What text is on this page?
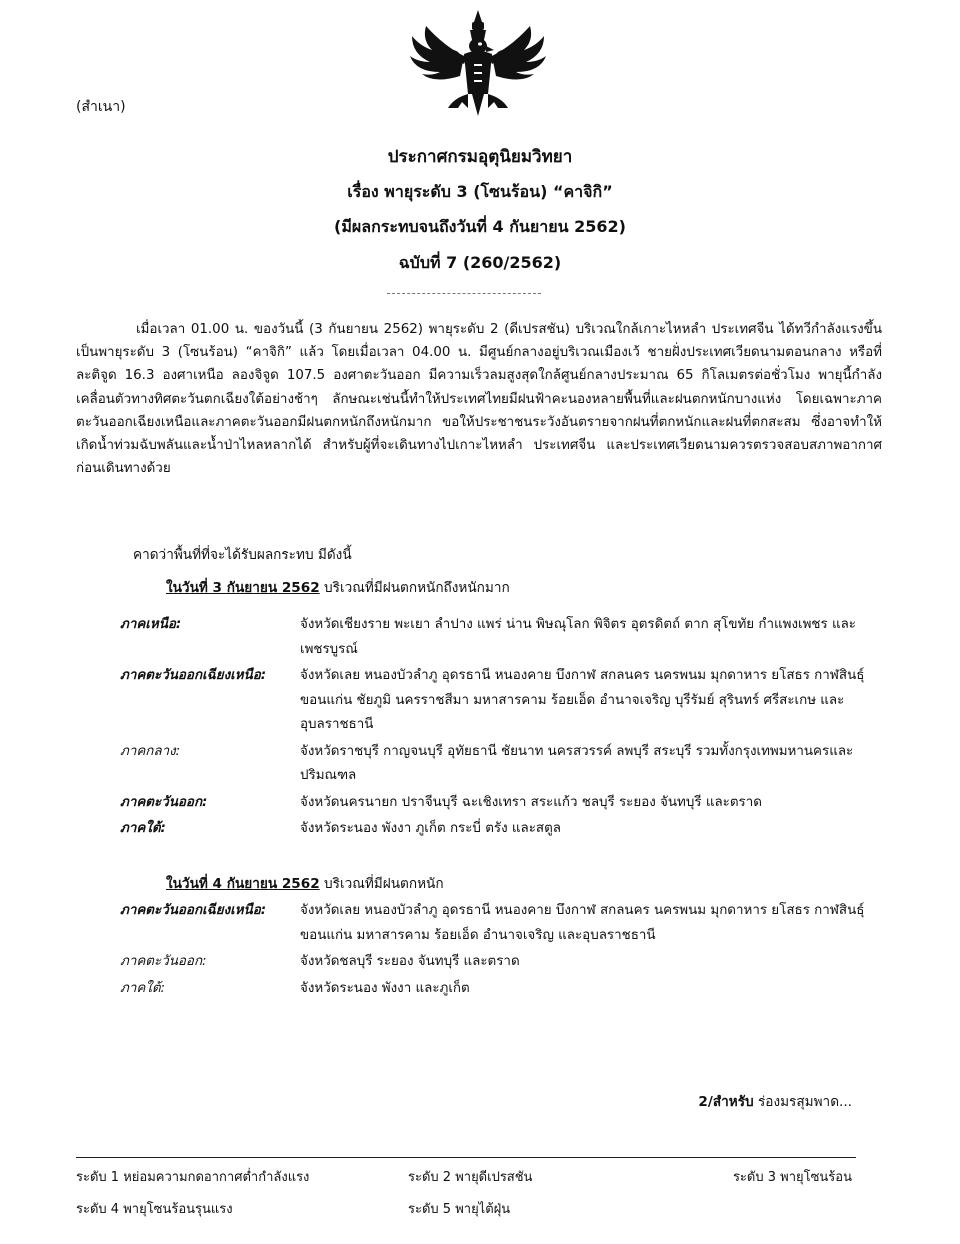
(สำเนา)
ประกาศกรมอุตุนิยมวิทยา
เรื่อง พายุระดับ 3 (โซนร้อน) “คาจิกิ”
(มีผลกระทบจนถึงวันที่ 4 กันยายน 2562)
ฉบับที่ 7 (260/2562)

เมื่อเวลา 01.00 น. ของวันนี้ (3 กันยายน 2562) พายุระดับ 2 (ดีเปรสชัน) บริเวณใกล้เกาะไหหลำ ประเทศจีน ได้ทวีกำลังแรงขึ้นเป็นพายุระดับ 3 (โซนร้อน) “คาจิกิ” แล้ว โดยเมื่อเวลา 04.00 น. มีศูนย์กลางอยู่บริเวณเมืองเว้ ชายฝั่งประเทศเวียดนามตอนกลาง หรือที่ ละติจูด 16.3 องศาเหนือ ลองจิจูด 107.5 องศาตะวันออก มีความเร็วลมสูงสุดใกล้ศูนย์กลางประมาณ 65 กิโลเมตรต่อชั่วโมง พายุนี้กำลังเคลื่อนตัวทางทิศตะวันตกเฉียงใต้อย่างช้าๆ ลักษณะเช่นนี้ทำให้ประเทศไทยมีฝนฟ้าคะนองหลายพื้นที่และฝนตกหนักบางแห่ง โดยเฉพาะภาคตะวันออกเฉียงเหนือและภาคตะวันออกมีฝนตกหนักถึงหนักมาก ขอให้ประชาชนระวังอันตรายจากฝนที่ตกหนักและฝนที่ตกสะสม ซึ่งอาจทำให้เกิดน้ำท่วมฉับพลันและน้ำป่าไหลหลากได้ สำหรับผู้ที่จะเดินทางไปเกาะไหหลำ ประเทศจีน และประเทศเวียดนามควรตรวจสอบสภาพอากาศก่อนเดินทางด้วย

คาดว่าพื้นที่ที่จะได้รับผลกระทบ มีดังนี้
ในวันที่ 3 กันยายน 2562 บริเวณที่มีฝนตกหนักถึงหนักมาก
ภาคเหนือ:	จังหวัดเชียงราย พะเยา ลำปาง แพร่ น่าน พิษณุโลก พิจิตร อุตรดิตถ์ ตาก สุโขทัย กำแพงเพชร และเพชรบูรณ์
ภาคตะวันออกเฉียงเหนือ:	จังหวัดเลย หนองบัวลำภู อุดรธานี หนองคาย บึงกาฬ สกลนคร นครพนม มุกดาหาร ยโสธร กาฬสินธุ์ ขอนแก่น ชัยภูมิ นครราชสีมา มหาสารคาม ร้อยเอ็ด อำนาจเจริญ บุรีรัมย์ สุรินทร์ ศรีสะเกษ และอุบลราชธานี
ภาคกลาง:	จังหวัดราชบุรี กาญจนบุรี อุทัยธานี ชัยนาท นครสวรรค์ ลพบุรี สระบุรี รวมทั้งกรุงเทพมหานครและปริมณฑล
ภาคตะวันออก:	จังหวัดนครนายก ปราจีนบุรี ฉะเชิงเทรา สระแก้ว ชลบุรี ระยอง จันทบุรี และตราด
ภาคใต้:	จังหวัดระนอง พังงา ภูเก็ต กระบี่ ตรัง และสตูล
ในวันที่ 4 กันยายน 2562 บริเวณที่มีฝนตกหนัก
ภาคตะวันออกเฉียงเหนือ:	จังหวัดเลย หนองบัวลำภู อุดรธานี หนองคาย บึงกาฬ สกลนคร นครพนม มุกดาหาร ยโสธร กาฬสินธุ์ ขอนแก่น มหาสารคาม ร้อยเอ็ด อำนาจเจริญ และอุบลราชธานี
ภาคตะวันออก:	จังหวัดชลบุรี ระยอง จันทบุรี และตราด
ภาคใต้:	จังหวัดระนอง พังงา และภูเก็ต
2/สำหรับ ร่องมรสุมพาด...
ระดับ 1 หย่อมความกดอากาศต่ำกำลังแรง	ระดับ 2 พายุดีเปรสชัน	ระดับ 3 พายุโซนร้อน
ระดับ 4 พายุโซนร้อนรุนแรง	ระดับ 5 พายุไต้ฝุ่น
